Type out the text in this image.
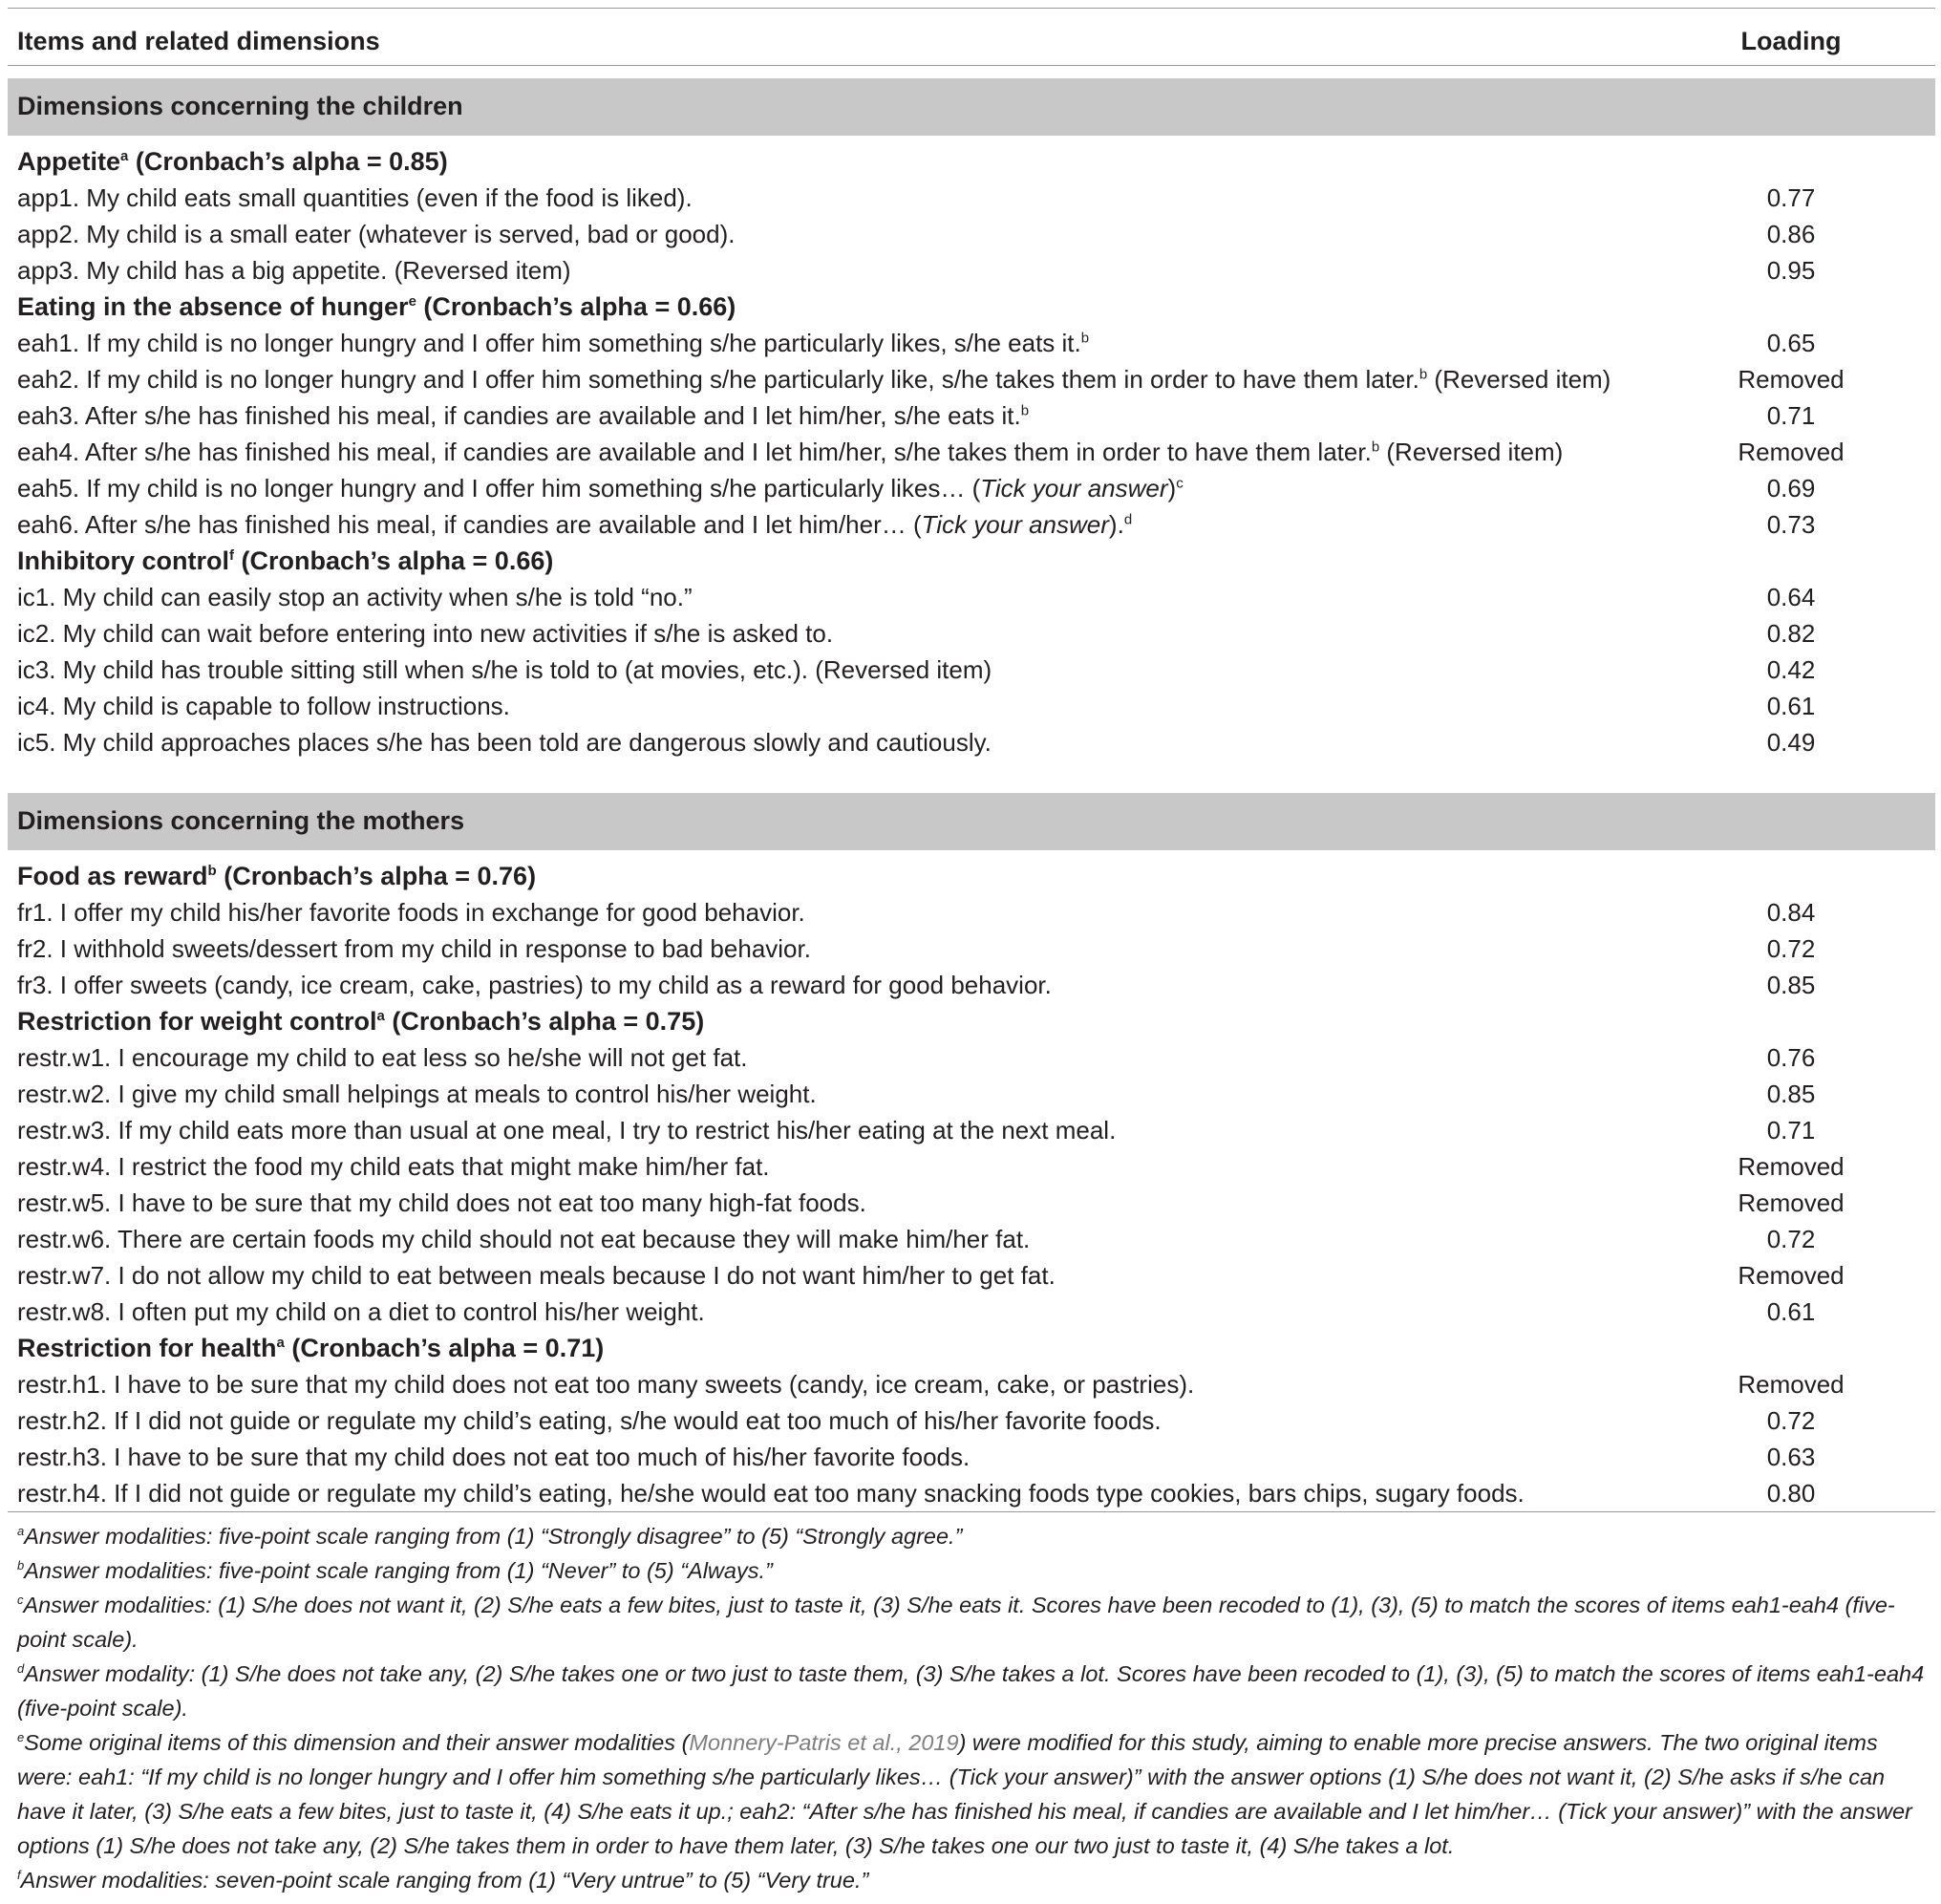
Items and related dimensions	Loading
Dimensions concerning the children
Appetite$^a$ (Cronbach’s alpha = 0.85)
app1. My child eats small quantities (even if the food is liked).	0.77
app2. My child is a small eater (whatever is served, bad or good).	0.86
app3. My child has a big appetite. (Reversed item)	0.95
Eating in the absence of hunger$^e$ (Cronbach’s alpha = 0.66)
eah1. If my child is no longer hungry and I offer him something s/he particularly likes, s/he eats it.$^b$	0.65
eah2. If my child is no longer hungry and I offer him something s/he particularly like, s/he takes them in order to have them later.$^b$ (Reversed item)	Removed
eah3. After s/he has finished his meal, if candies are available and I let him/her, s/he eats it.$^b$	0.71
eah4. After s/he has finished his meal, if candies are available and I let him/her, s/he takes them in order to have them later.$^b$ (Reversed item)	Removed
eah5. If my child is no longer hungry and I offer him something s/he particularly likes… (Tick your answer)$^c$	0.69
eah6. After s/he has finished his meal, if candies are available and I let him/her… (Tick your answer).$^d$	0.73
Inhibitory control$^f$ (Cronbach’s alpha = 0.66)
ic1. My child can easily stop an activity when s/he is told “no.”	0.64
ic2. My child can wait before entering into new activities if s/he is asked to.	0.82
ic3. My child has trouble sitting still when s/he is told to (at movies, etc.). (Reversed item)	0.42
ic4. My child is capable to follow instructions.	0.61
ic5. My child approaches places s/he has been told are dangerous slowly and cautiously.	0.49
Dimensions concerning the mothers
Food as reward$^b$ (Cronbach’s alpha = 0.76)
fr1. I offer my child his/her favorite foods in exchange for good behavior.	0.84
fr2. I withhold sweets/dessert from my child in response to bad behavior.	0.72
fr3. I offer sweets (candy, ice cream, cake, pastries) to my child as a reward for good behavior.	0.85
Restriction for weight control$^a$ (Cronbach’s alpha = 0.75)
restr.w1. I encourage my child to eat less so he/she will not get fat.	0.76
restr.w2. I give my child small helpings at meals to control his/her weight.	0.85
restr.w3. If my child eats more than usual at one meal, I try to restrict his/her eating at the next meal.	0.71
restr.w4. I restrict the food my child eats that might make him/her fat.	Removed
restr.w5. I have to be sure that my child does not eat too many high-fat foods.	Removed
restr.w6. There are certain foods my child should not eat because they will make him/her fat.	0.72
restr.w7. I do not allow my child to eat between meals because I do not want him/her to get fat.	Removed
restr.w8. I often put my child on a diet to control his/her weight.	0.61
Restriction for health$^a$ (Cronbach’s alpha = 0.71)
restr.h1. I have to be sure that my child does not eat too many sweets (candy, ice cream, cake, or pastries).	Removed
restr.h2. If I did not guide or regulate my child’s eating, s/he would eat too much of his/her favorite foods.	0.72
restr.h3. I have to be sure that my child does not eat too much of his/her favorite foods.	0.63
restr.h4. If I did not guide or regulate my child’s eating, he/she would eat too many snacking foods type cookies, bars chips, sugary foods.	0.80

$^a$Answer modalities: five-point scale ranging from (1) “Strongly disagree” to (5) “Strongly agree.”

$^b$Answer modalities: five-point scale ranging from (1) “Never” to (5) “Always.”

$^c$Answer modalities: (1) S/he does not want it, (2) S/he eats a few bites, just to taste it, (3) S/he eats it. Scores have been recoded to (1), (3), (5) to match the scores of items eah1-eah4 (five-point scale).

$^d$Answer modality: (1) S/he does not take any, (2) S/he takes one or two just to taste them, (3) S/he takes a lot. Scores have been recoded to (1), (3), (5) to match the scores of items eah1-eah4 (five-point scale).

$^e$Some original items of this dimension and their answer modalities (Monnery-Patris et al., 2019) were modified for this study, aiming to enable more precise answers. The two original items were: eah1: “If my child is no longer hungry and I offer him something s/he particularly likes… (Tick your answer)” with the answer options (1) S/he does not want it, (2) S/he asks if s/he can have it later, (3) S/he eats a few bites, just to taste it, (4) S/he eats it up.; eah2: “After s/he has finished his meal, if candies are available and I let him/her… (Tick your answer)” with the answer options (1) S/he does not take any, (2) S/he takes them in order to have them later, (3) S/he takes one our two just to taste it, (4) S/he takes a lot.

$^f$Answer modalities: seven-point scale ranging from (1) “Very untrue” to (5) “Very true.”
